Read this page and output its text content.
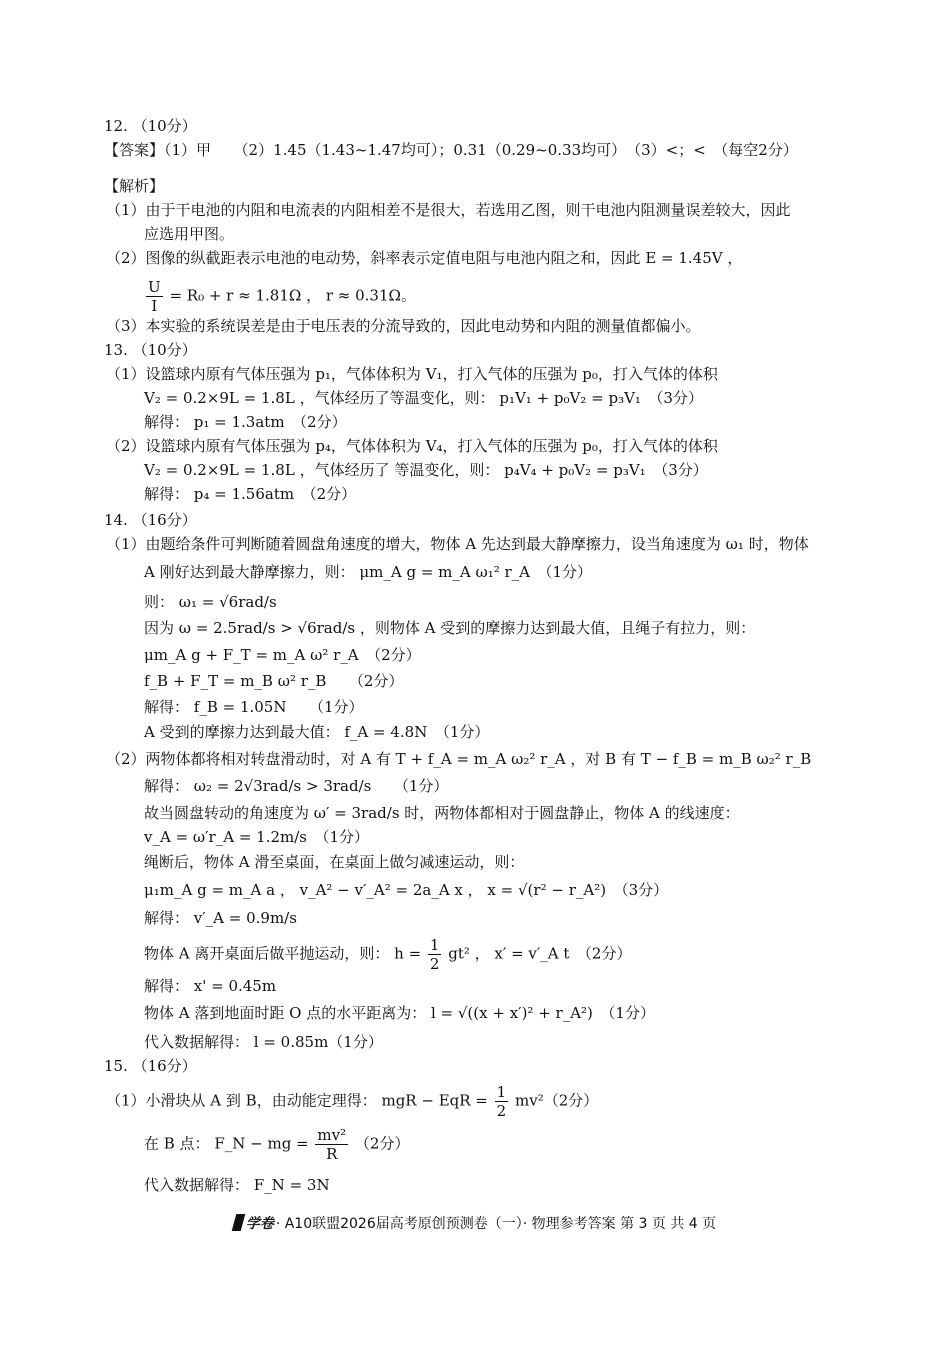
12. （10分）
【答案】（1）甲　　（2）1.45（1.43~1.47均可）；0.31（0.29~0.33均可）　（3）<；<　（每空2分）
【解析】
（1）由于干电池的内阻和电流表的内阻相差不是很大，若选用乙图，则干电池内阻测量误差较大，因此
应选用甲图。
（2）图像的纵截距表示电池的电动势，斜率表示定值电阻与电池内阻之和，因此 E = 1.45V ，
$\frac{U}{I} = R_0 + r \approx 1.81\Omega$ ， r ≈ 0.31Ω。
（3）本实验的系统误差是由于电压表的分流导致的，因此电动势和内阻的测量值都偏小。
13. （10分）
（1）设篮球内原有气体压强为 p₁，气体体积为 V₁，打入气体的压强为 p₀，打入气体的体积
V₂ = 0.2×9L = 1.8L ，气体经历了等温变化，则： p₁V₁ + p₀V₂ = p₃V₁　（3分）
解得： p₁ = 1.3atm　（2分）
（2）设篮球内原有气体压强为 p₄，气体体积为 V₄，打入气体的压强为 p₀，打入气体的体积
V₂ = 0.2×9L = 1.8L ，气体经历了 等温变化，则： p₄V₄ + p₀V₂ = p₃V₁　（3分）
解得： p₄ = 1.56atm　（2分）
14. （16分）
（1）由题给条件可判断随着圆盘角速度的增大，物体 A 先达到最大静摩擦力，设当角速度为 ω₁ 时，物体
A 刚好达到最大静摩擦力，则： μm_A g = m_A ω₁² r_A　（1分）
则： ω₁ = √6rad/s
因为 ω = 2.5rad/s > √6rad/s ，则物体 A 受到的摩擦力达到最大值，且绳子有拉力，则：
μm_A g + F_T = m_A ω² r_A　（2分）
f_B + F_T = m_B ω² r_B　　（2分）
解得： f_B = 1.05N　　（1分）
A 受到的摩擦力达到最大值： f_A = 4.8N　（1分）
（2）两物体都将相对转盘滑动时，对 A 有 T + f_A = m_A ω₂² r_A ，对 B 有 T − f_B = m_B ω₂² r_B
解得： ω₂ = 2√3rad/s > 3rad/s　　（1分）
故当圆盘转动的角速度为 ω′ = 3rad/s 时，两物体都相对于圆盘静止，物体 A 的线速度：
v_A = ω′r_A = 1.2m/s　（1分）
绳断后，物体 A 滑至桌面，在桌面上做匀减速运动，则：
μ₁m_A g = m_A a ， v_A² − v′_A² = 2a_A x ， x = √(r² − r_A²)　（3分）
解得： v′_A = 0.9m/s
物体 A 离开桌面后做平抛运动，则： $h = \frac{1}{2} gt^2$ ， x′ = v′_A t　（2分）
解得： x' = 0.45m
物体 A 落到地面时距 O 点的水平距离为： l = √((x + x′)² + r_A²)　（1分）
代入数据解得： l = 0.85m（1分）
15. （16分）
（1）小滑块从 A 到 B，由动能定理得： mgR − EqR = $\frac{1}{2} mv^2(2$分）
在 B 点： F_N − mg = $\frac{\text{mv²}}{R} (2$分）
代入数据解得： F_N = 3N
学卷 · A10联盟2026届高考原创预测卷（一）· 物理参考答案 第 3 页 共 4 页
